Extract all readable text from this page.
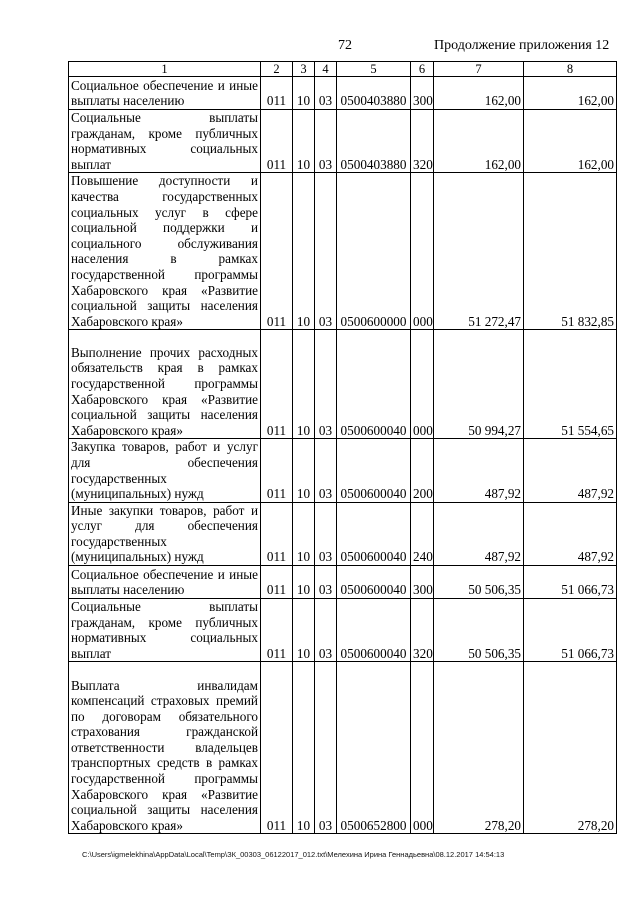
72	Продолжение приложения 12
1	2	3	4	5	6	7	8
Социальное обеспечение и иные выплаты населению	011	10	03	0500403880	300	162,00	162,00
Социальные выплаты гражданам, кроме публичных нормативных социальных выплат	011	10	03	0500403880	320	162,00	162,00
Повышение доступности и качества государственных социальных услуг в сфере социальной поддержки и социального обслуживания населения в рамках государственной программы Хабаровского края «Развитие социальной защиты населения Хабаровского края»	011	10	03	0500600000	000	51 272,47	51 832,85
Выполнение прочих расходных обязательств края в рамках государственной программы Хабаровского края «Развитие социальной защиты населения Хабаровского края»	011	10	03	0500600040	000	50 994,27	51 554,65
Закупка товаров, работ и услуг для обеспечения государственных (муниципальных) нужд	011	10	03	0500600040	200	487,92	487,92
Иные закупки товаров, работ и услуг для обеспечения государственных (муниципальных) нужд	011	10	03	0500600040	240	487,92	487,92
Социальное обеспечение и иные выплаты населению	011	10	03	0500600040	300	50 506,35	51 066,73
Социальные выплаты гражданам, кроме публичных нормативных социальных выплат	011	10	03	0500600040	320	50 506,35	51 066,73
Выплата инвалидам компенсаций страховых премий по договорам обязательного страхования гражданской ответственности владельцев транспортных средств в рамках государственной программы Хабаровского края «Развитие социальной защиты населения Хабаровского края»	011	10	03	0500652800	000	278,20	278,20
C:\Users\igmelekhina\AppData\Local\Temp\ЗК_00303_06122017_012.txt\Мелехина Ирина Геннадьевна\08.12.2017 14:54:13
